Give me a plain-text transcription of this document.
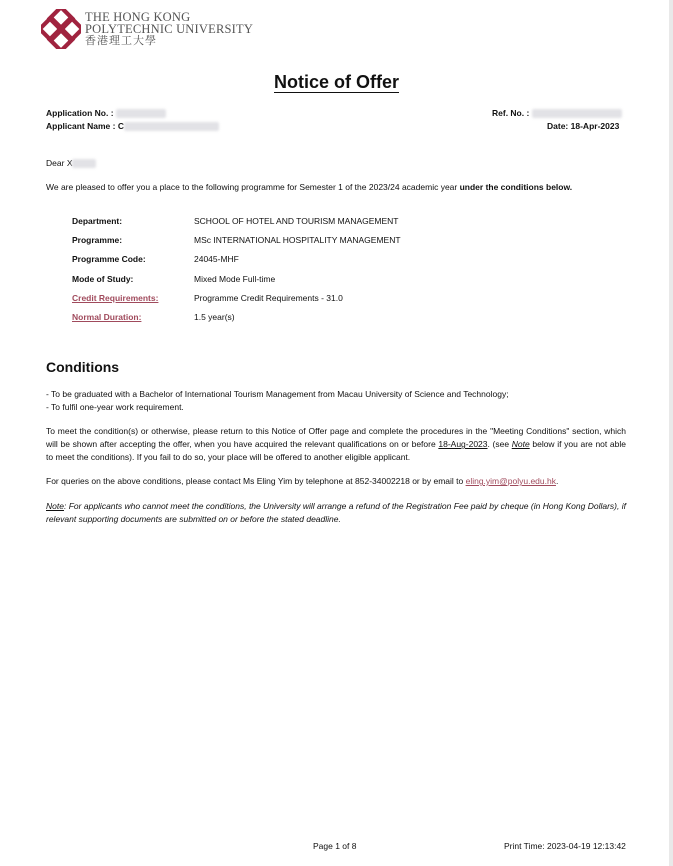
THE HONG KONG
POLYTECHNIC UNIVERSITY
香港理工大學
Notice of Offer
Application No. :
Applicant Name : C
Ref. No. :
Date: 18-Apr-2023
Dear X
We are pleased to offer you a place to the following programme for Semester 1 of the 2023/24 academic year under the conditions below.
Department:	SCHOOL OF HOTEL AND TOURISM MANAGEMENT
Programme:	MSc INTERNATIONAL HOSPITALITY MANAGEMENT
Programme Code:	24045-MHF
Mode of Study:	Mixed Mode Full-time
Credit Requirements:	Programme Credit Requirements - 31.0
Normal Duration:	1.5 year(s)
Conditions
- To be graduated with a Bachelor of International Tourism Management from Macau University of Science and Technology;
- To fulfil one-year work requirement.
To meet the condition(s) or otherwise, please return to this Notice of Offer page and complete the procedures in the "Meeting Conditions" section, which will be shown after accepting the offer, when you have acquired the relevant qualifications on or before 18-Aug-2023. (see Note below if you are not able to meet the conditions). If you fail to do so, your place will be offered to another eligible applicant.
For queries on the above conditions, please contact Ms Eling Yim by telephone at 852-34002218 or by email to eling.yim@polyu.edu.hk.
Note: For applicants who cannot meet the conditions, the University will arrange a refund of the Registration Fee paid by cheque (in Hong Kong Dollars), if relevant supporting documents are submitted on or before the stated deadline.
Page 1 of 8	Print Time: 2023-04-19 12:13:42
